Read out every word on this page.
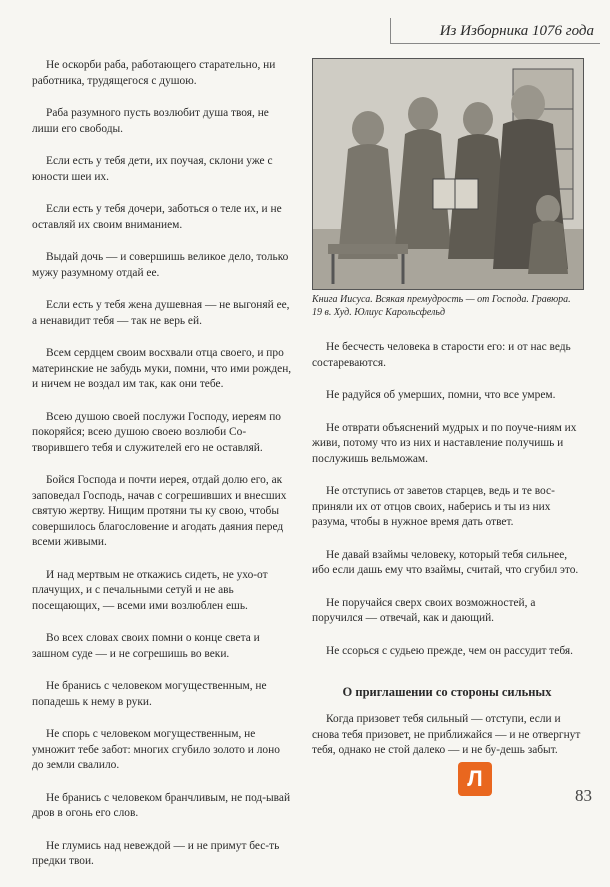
Из Изборника 1076 года

Не оскорби раба, работающего старательно, ни работника, трудящегося с душою.

Раба разумного пусть возлюбит душа твоя, не лиши его свободы.

Если есть у тебя дети, их поучая, склони уже с юности шеи их.

Если есть у тебя дочери, заботься о теле их, и не оставляй их своим вниманием.

Выдай дочь — и совершишь великое дело, только мужу разумному отдай ее.

Если есть у тебя жена душевная — не выгоняй ее, а ненавидит тебя — так не верь ей.

Всем сердцем своим восхвали отца своего, и про материнские не забудь муки, помни, что ими рожден, и ничем не воздал им так, как они тебе.

Всею душою своей послужи Господу, иереям по покоряйся; всею душою своею возлюби Со-творившего тебя и служителей его не оставляй.

Бойся Господа и почти иерея, отдай долю его, ак заповедал Господь, начав с согрешивших и внесших святую жертву. Нищим протяни ты ку свою, чтобы совершилось благословение и агодать даяния перед всеми живыми.

И над мертвым не откажись сидеть, не ухо-от плачущих, и с печальными сетуй и не авь посещающих, — всеми ими возлюблен ешь.

Во всех словах своих помни о конце света и зашном суде — и не согрешишь во веки.

Не бранись с человеком могущественным, не попадешь к нему в руки.

Не спорь с человеком могущественным, не умножит тебе забот: многих сгубило золото и лоно до земли свалило.

Не бранись с человеком бранчливым, не под-ывай дров в огонь его слов.

Не глумись над невеждой — и не примут бес-ть предки твои.

Книга Иисуса. Всякая премудрость — от Господа. Гравюра. 19 в. Худ. Юлиус Карольсфельд

Не бесчесть человека в старости его: и от нас ведь состареваются.

Не радуйся об умерших, помни, что все умрем.

Не отврати объяснений мудрых и по поуче-ниям их живи, потому что из них и наставление получишь и послужишь вельможам.

Не отступись от заветов старцев, ведь и те вос-приняли их от отцов своих, наберись и ты из них разума, чтобы в нужное время дать ответ.

Не давай взаймы человеку, который тебя сильнее, ибо если дашь ему что взаймы, считай, что сгубил это.

Не поручайся сверх своих возможностей, а поручился — отвечай, как и дающий.

Не ссорься с судьею прежде, чем он рассудит тебя.

О приглашении со стороны сильных

Когда призовет тебя сильный — отступи, если и снова тебя призовет, не приближайся — и не отвергнут тебя, однако не стой далеко — и не бу-дешь забыт.

Л
83
